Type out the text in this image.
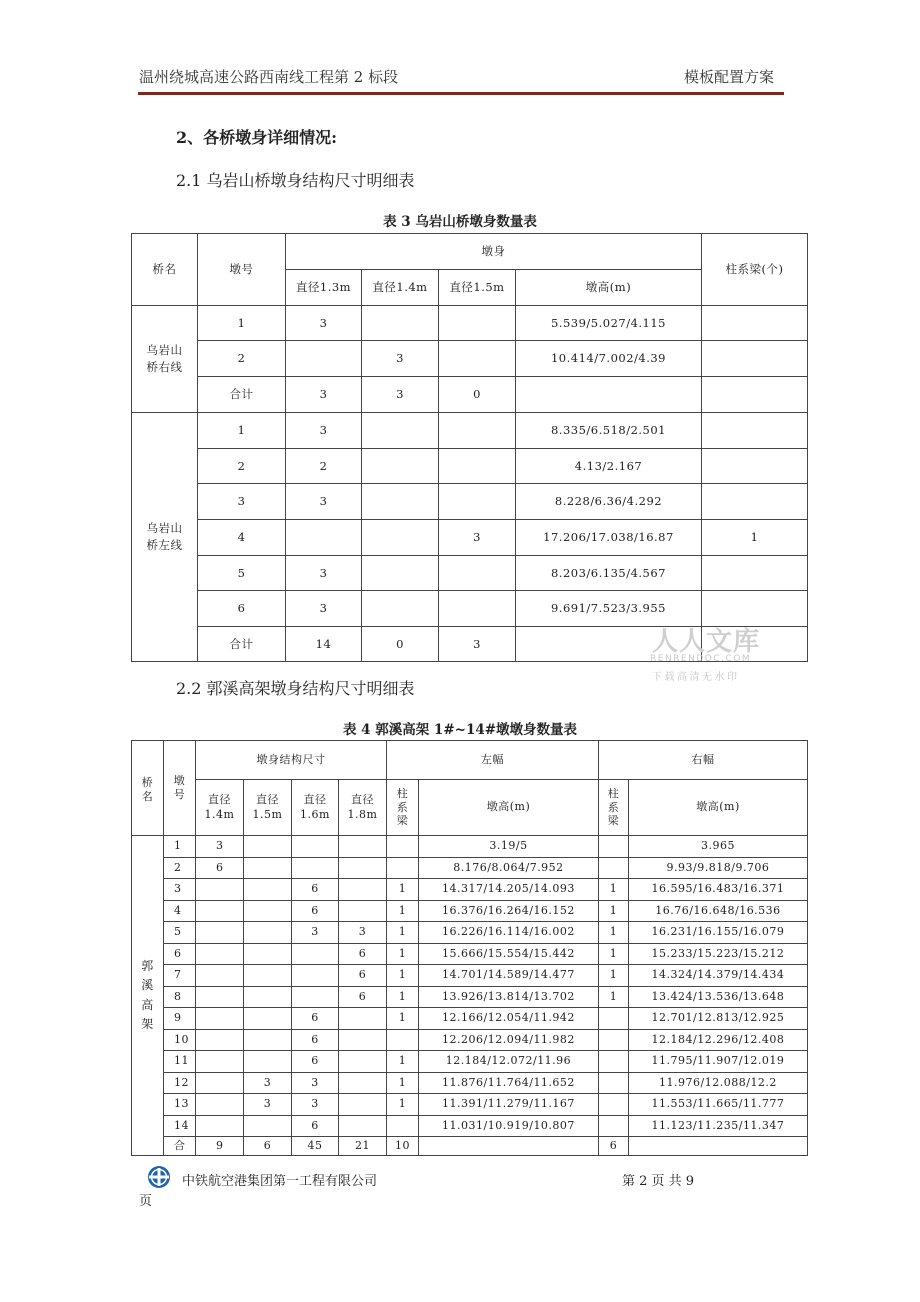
温州绕城高速公路西南线工程第 2 标段	模板配置方案
2、各桥墩身详细情况:
2.1 乌岩山桥墩身结构尺寸明细表
表 3 乌岩山桥墩身数量表
桥名	墩号	墩身				柱系梁(个)
		直径1.3m	直径1.4m	直径1.5m	墩高(m)	
乌岩山桥右线	1	3			5.539/5.027/4.115	
	2		3		10.414/7.002/4.39	
	合计	3	3	0		
乌岩山桥左线	1	3			8.335/6.518/2.501	
	2	2			4.13/2.167	
	3	3			8.228/6.36/4.292	
	4			3	17.206/17.038/16.87	1
	5	3			8.203/6.135/4.567	
	6	3			9.691/7.523/3.955	
	合计	14	0	3			人人文库
RENRENDOC.COM
下载高清无水印
2.2 郭溪高架墩身结构尺寸明细表
表 4 郭溪高架 1#~14#墩墩身数量表
桥名	墩号	墩身结构尺寸				左幅		右幅	

		直径1.4m	直径1.5m	直径1.6m	直径1.8m	柱系梁	墩高(m)	柱系梁	墩高(m)

郭溪高架	1	3					3.19/5		3.965
	2	6					8.176/8.064/7.952		9.93/9.818/9.706
	3			6		1	14.317/14.205/14.093	1	16.595/16.483/16.371
	4			6		1	16.376/16.264/16.152	1	16.76/16.648/16.536
	5			3	3	1	16.226/16.114/16.002	1	16.231/16.155/16.079
	6				6	1	15.666/15.554/15.442	1	15.233/15.223/15.212
	7				6	1	14.701/14.589/14.477	1	14.324/14.379/14.434
	8				6	1	13.926/13.814/13.702	1	13.424/13.536/13.648
	9			6		1	12.166/12.054/11.942		12.701/12.813/12.925
	10			6			12.206/12.094/11.982		12.184/12.296/12.408
	11			6		1	12.184/12.072/11.96		11.795/11.907/12.019
	12		3	3		1	11.876/11.764/11.652		11.976/12.088/12.2
	13		3	3		1	11.391/11.279/11.167		11.553/11.665/11.777
	14			6			11.031/10.919/10.807		11.123/11.235/11.347
	合	9	6	45	21	10		6	
中铁航空港集团第一工程有限公司	第 2 页 共 9
页
